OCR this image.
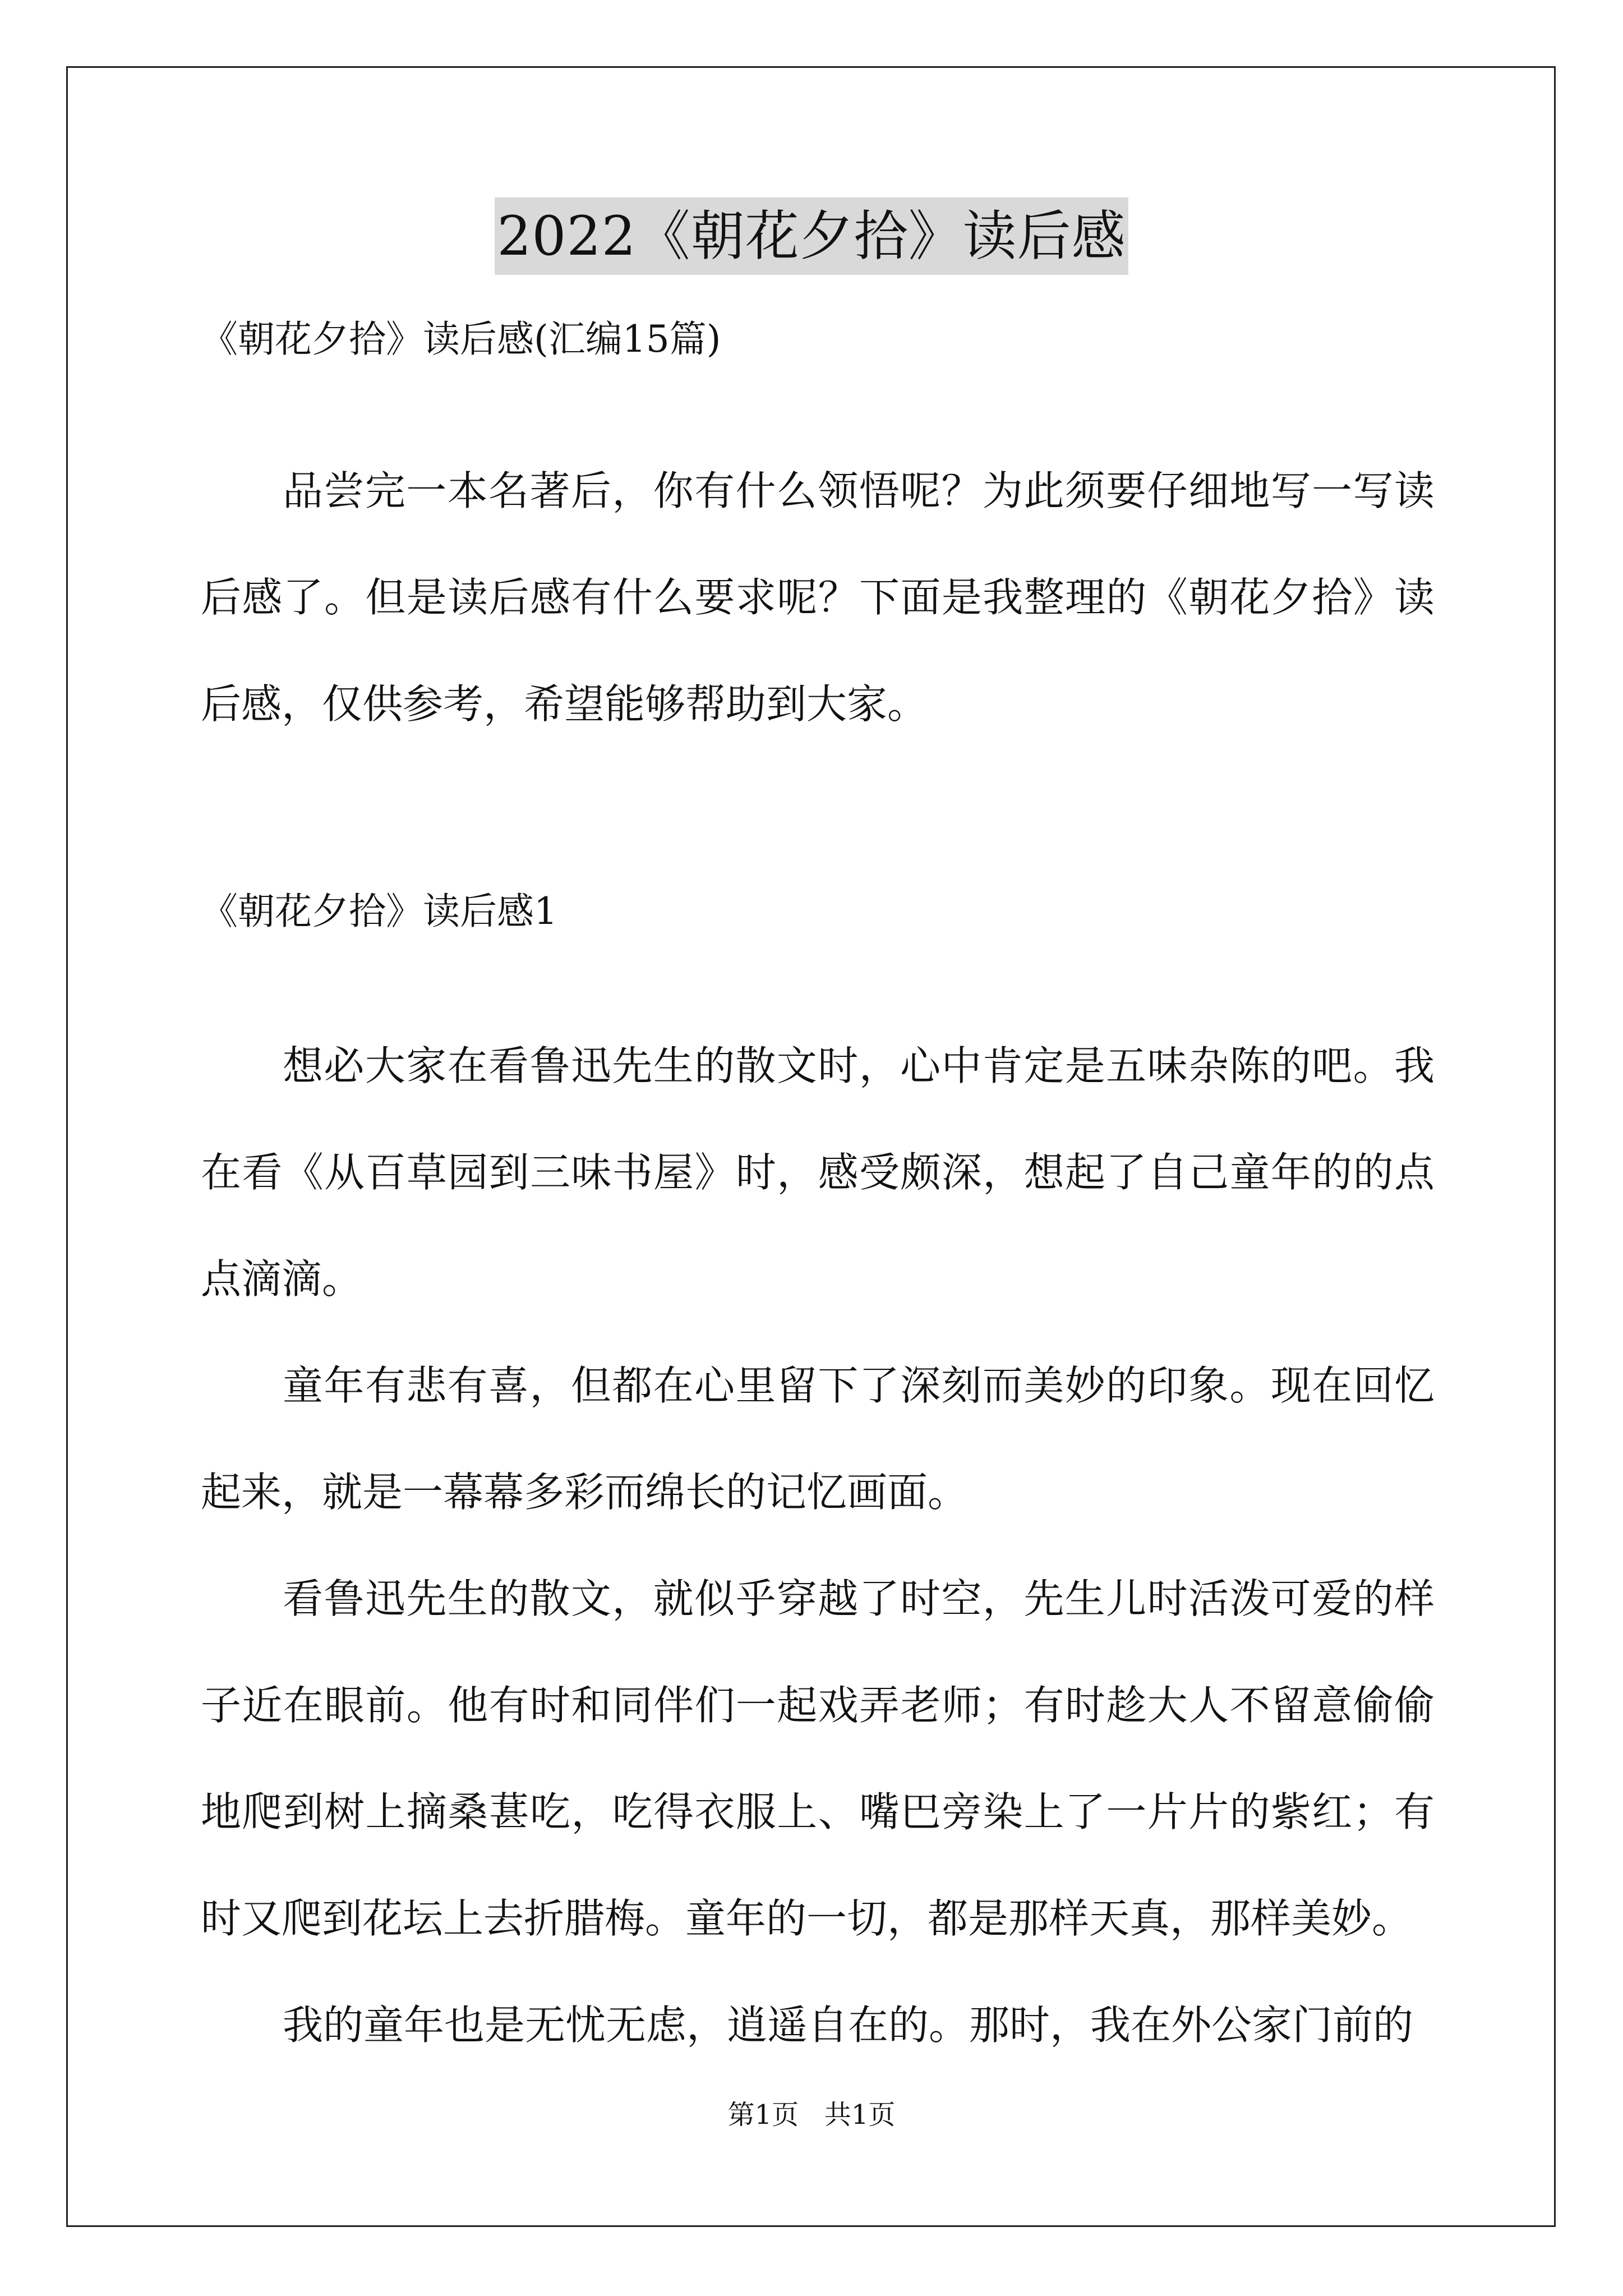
2022《朝花夕拾》读后感
《朝花夕拾》读后感(汇编15篇)

品尝完一本名著后，你有什么领悟呢？为此须要仔细地写一写读后感了。但是读后感有什么要求呢？下面是我整理的《朝花夕拾》读后感，仅供参考，希望能够帮助到大家。

《朝花夕拾》读后感1

想必大家在看鲁迅先生的散文时，心中肯定是五味杂陈的吧。我在看《从百草园到三味书屋》时，感受颇深，想起了自己童年的的点点滴滴。

童年有悲有喜，但都在心里留下了深刻而美妙的印象。现在回忆起来，就是一幕幕多彩而绵长的记忆画面。

看鲁迅先生的散文，就似乎穿越了时空，先生儿时活泼可爱的样子近在眼前。他有时和同伴们一起戏弄老师；有时趁大人不留意偷偷地爬到树上摘桑葚吃，吃得衣服上、嘴巴旁染上了一片片的紫红；有时又爬到花坛上去折腊梅。童年的一切，都是那样天真，那样美妙。

我的童年也是无忧无虑，逍遥自在的。那时，我在外公家门前的

第1页   共1页
